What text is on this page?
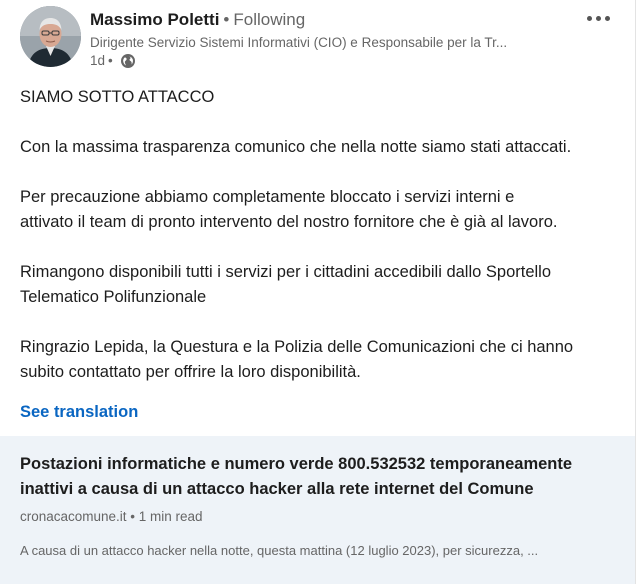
Massimo Poletti • Following
Dirigente Servizio Sistemi Informativi (CIO) e Responsabile per la Tr...
1d •

SIAMO SOTTO ATTACCO

Con la massima trasparenza comunico che nella notte siamo stati attaccati.

Per precauzione abbiamo completamente bloccato i servizi interni e
attivato il team di pronto intervento del nostro fornitore che è già al lavoro.

Rimangono disponibili tutti i servizi per i cittadini accedibili dallo Sportello
Telematico Polifunzionale

Ringrazio Lepida, la Questura e la Polizia delle Comunicazioni che ci hanno
subito contattato per offrire la loro disponibilità.

See translation
Postazioni informatiche e numero verde 800.532532 temporaneamente inattivi a causa di un attacco hacker alla rete internet del Comune
cronacacomune.it • 1 min read
A causa di un attacco hacker nella notte, questa mattina (12 luglio 2023), per sicurezza, ...
